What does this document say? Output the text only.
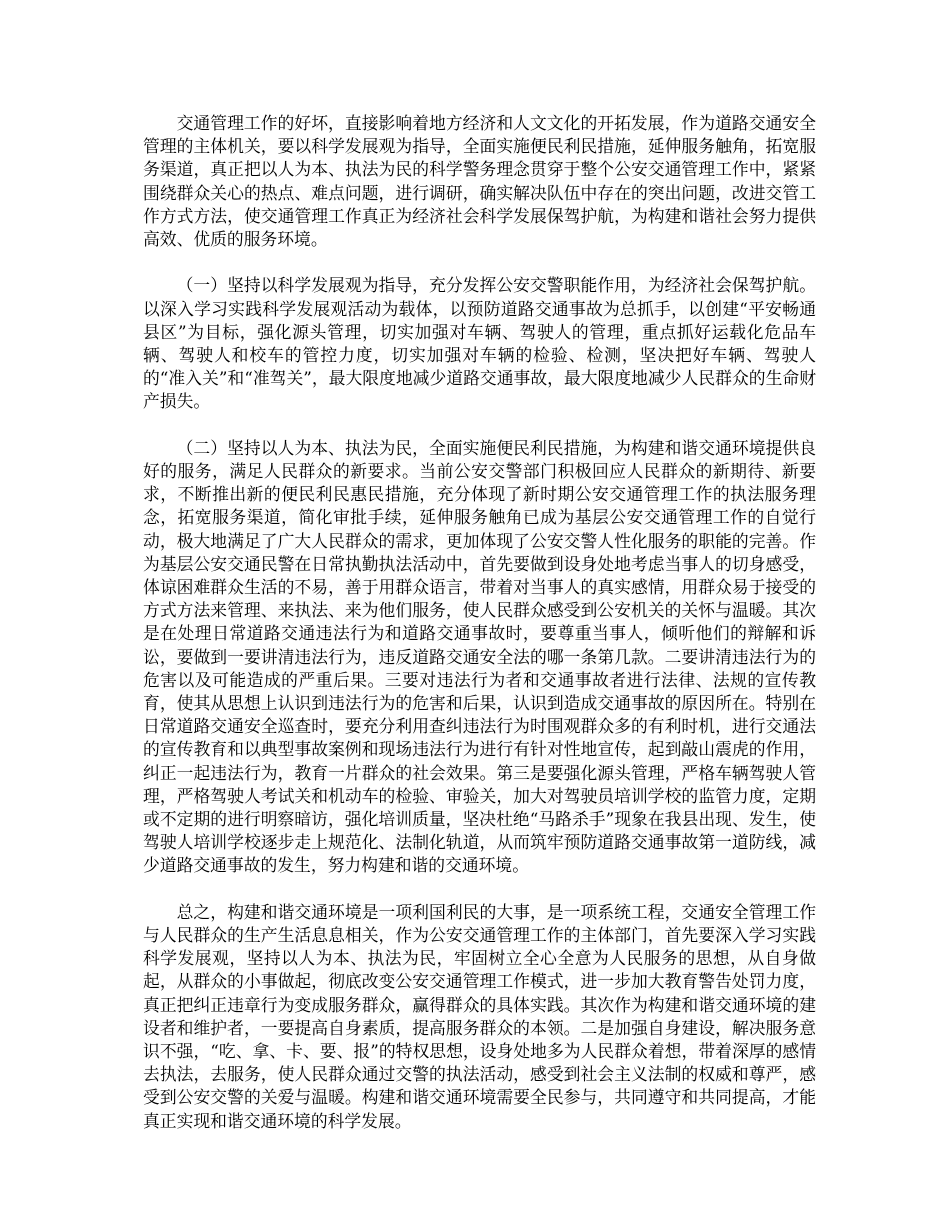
交通管理工作的好坏，直接影响着地方经济和人文文化的开拓发展，作为道路交通安全管理的主体机关，要以科学发展观为指导，全面实施便民利民措施，延伸服务触角，拓宽服务渠道，真正把以人为本、执法为民的科学警务理念贯穿于整个公安交通管理工作中，紧紧围绕群众关心的热点、难点问题，进行调研，确实解决队伍中存在的突出问题，改进交管工作方式方法，使交通管理工作真正为经济社会科学发展保驾护航，为构建和谐社会努力提供高效、优质的服务环境。

（一）坚持以科学发展观为指导，充分发挥公安交警职能作用，为经济社会保驾护航。以深入学习实践科学发展观活动为载体，以预防道路交通事故为总抓手，以创建“平安畅通县区”为目标，强化源头管理，切实加强对车辆、驾驶人的管理，重点抓好运载化危品车辆、驾驶人和校车的管控力度，切实加强对车辆的检验、检测，坚决把好车辆、驾驶人的“准入关”和“准驾关”，最大限度地减少道路交通事故，最大限度地减少人民群众的生命财产损失。

（二）坚持以人为本、执法为民，全面实施便民利民措施，为构建和谐交通环境提供良好的服务，满足人民群众的新要求。当前公安交警部门积极回应人民群众的新期待、新要求，不断推出新的便民利民惠民措施，充分体现了新时期公安交通管理工作的执法服务理念，拓宽服务渠道，简化审批手续，延伸服务触角已成为基层公安交通管理工作的自觉行动，极大地满足了广大人民群众的需求，更加体现了公安交警人性化服务的职能的完善。作为基层公安交通民警在日常执勤执法活动中，首先要做到设身处地考虑当事人的切身感受，体谅困难群众生活的不易，善于用群众语言，带着对当事人的真实感情，用群众易于接受的方式方法来管理、来执法、来为他们服务，使人民群众感受到公安机关的关怀与温暖。其次是在处理日常道路交通违法行为和道路交通事故时，要尊重当事人，倾听他们的辩解和诉讼，要做到一要讲清违法行为，违反道路交通安全法的哪一条第几款。二要讲清违法行为的危害以及可能造成的严重后果。三要对违法行为者和交通事故者进行法律、法规的宣传教育，使其从思想上认识到违法行为的危害和后果，认识到造成交通事故的原因所在。特别在日常道路交通安全巡查时，要充分利用查纠违法行为时围观群众多的有利时机，进行交通法的宣传教育和以典型事故案例和现场违法行为进行有针对性地宣传，起到敲山震虎的作用，纠正一起违法行为，教育一片群众的社会效果。第三是要强化源头管理，严格车辆驾驶人管理，严格驾驶人考试关和机动车的检验、审验关，加大对驾驶员培训学校的监管力度，定期或不定期的进行明察暗访，强化培训质量，坚决杜绝“马路杀手”现象在我县出现、发生，使驾驶人培训学校逐步走上规范化、法制化轨道，从而筑牢预防道路交通事故第一道防线，减少道路交通事故的发生，努力构建和谐的交通环境。

总之，构建和谐交通环境是一项利国利民的大事，是一项系统工程，交通安全管理工作与人民群众的生产生活息息相关，作为公安交通管理工作的主体部门，首先要深入学习实践科学发展观，坚持以人为本、执法为民，牢固树立全心全意为人民服务的思想，从自身做起，从群众的小事做起，彻底改变公安交通管理工作模式，进一步加大教育警告处罚力度，真正把纠正违章行为变成服务群众，赢得群众的具体实践。其次作为构建和谐交通环境的建设者和维护者，一要提高自身素质，提高服务群众的本领。二是加强自身建设，解决服务意识不强，“吃、拿、卡、要、报”的特权思想，设身处地多为人民群众着想，带着深厚的感情去执法，去服务，使人民群众通过交警的执法活动，感受到社会主义法制的权威和尊严，感受到公安交警的关爱与温暖。构建和谐交通环境需要全民参与，共同遵守和共同提高，才能真正实现和谐交通环境的科学发展。
